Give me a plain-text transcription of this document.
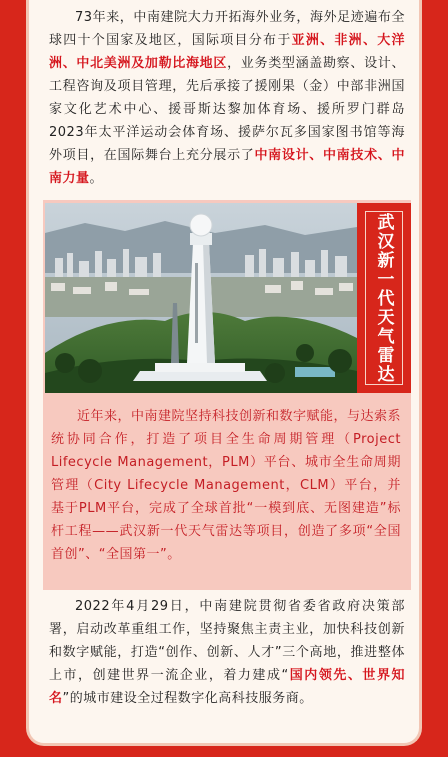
73年来，中南建院大力开拓海外业务，海外足迹遍布全球四十个国家及地区，国际项目分布于亚洲、非洲、大洋洲、中北美洲及加勒比海地区，业务类型涵盖勘察、设计、工程咨询及项目管理，先后承接了援刚果（金）中部非洲国家文化艺术中心、援哥斯达黎加体育场、援所罗门群岛2023年太平洋运动会体育场、援萨尔瓦多国家图书馆等海外项目，在国际舞台上充分展示了中南设计、中南技术、中南力量。

武汉新一代天气雷达

近年来，中南建院坚持科技创新和数字赋能，与达索系统协同合作，打造了项目全生命周期管理（Project Lifecycle Management，PLM）平台、城市全生命周期管理（City Lifecycle Management，CLM）平台，并基于PLM平台，完成了全球首批“一模到底、无图建造”标杆工程——武汉新一代天气雷达等项目，创造了多项“全国首创”、“全国第一”。

2022年4月29日，中南建院贯彻省委省政府决策部署，启动改革重组工作，坚持聚焦主责主业，加快科技创新和数字赋能，打造“创作、创新、人才”三个高地，推进整体上市，创建世界一流企业，着力建成“国内领先、世界知名”的城市建设全过程数字化高科技服务商。
